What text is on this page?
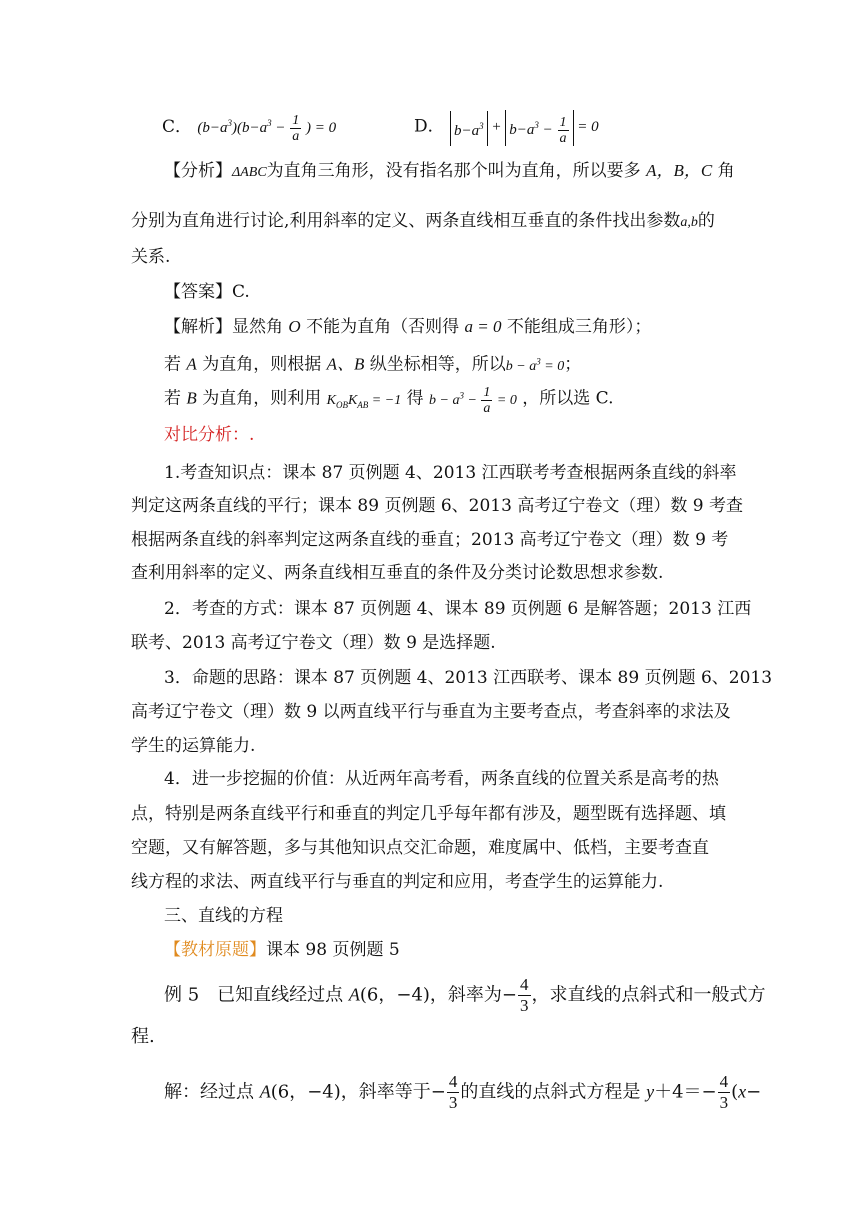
C． $(b-a^3)(b-a^3 - \frac{1}{a}$ ) = 0	D． $b-a^3 + b-a^3 - \frac{1}{a} = 0$
【分析】ΔABC为直角三角形，没有指名那个叫为直角，所以要多 A，B，C 角
分别为直角进行讨论,利用斜率的定义、两条直线相互垂直的条件找出参数a,b的
关系.
【答案】C.
【解析】显然角 O 不能为直角（否则得 a = 0 不能组成三角形）；
若 A 为直角，则根据 A、B 纵坐标相等，所以$b - a^3 = 0$；
若 B 为直角，则利用 $K_{OB}K_{AB} = -1$ 得 $b - a^3 - \frac{1}{a} = 0$ ，所以选 C.
对比分析：.
1.考查知识点：课本 87 页例题 4、2013 江西联考考查根据两条直线的斜率
判定这两条直线的平行；课本 89 页例题 6、2013 高考辽宁卷文（理）数 9 考查
根据两条直线的斜率判定这两条直线的垂直；2013 高考辽宁卷文（理）数 9 考
查利用斜率的定义、两条直线相互垂直的条件及分类讨论数思想求参数.
2．考查的方式：课本 87 页例题 4、课本 89 页例题 6 是解答题；2013 江西
联考、2013 高考辽宁卷文（理）数 9 是选择题.
3．命题的思路：课本 87 页例题 4、2013 江西联考、课本 89 页例题 6、2013
高考辽宁卷文（理）数 9 以两直线平行与垂直为主要考查点，考查斜率的求法及
学生的运算能力.
4．进一步挖掘的价值：从近两年高考看，两条直线的位置关系是高考的热
点，特别是两条直线平行和垂直的判定几乎每年都有涉及，题型既有选择题、填
空题，又有解答题，多与其他知识点交汇命题，难度属中、低档，主要考查直
线方程的求法、两直线平行与垂直的判定和应用，考查学生的运算能力.
三、直线的方程
【教材原题】课本 98 页例题 5
例 5　已知直线经过点 A(6，−4)，斜率为− $\frac{4}{3}$ ，求直线的点斜式和一般式方
程.
解：经过点 A(6，−4)，斜率等于− $\frac{4}{3}$ 的直线的点斜式方程是 $y+4=- \frac{4}{3} (x-$
